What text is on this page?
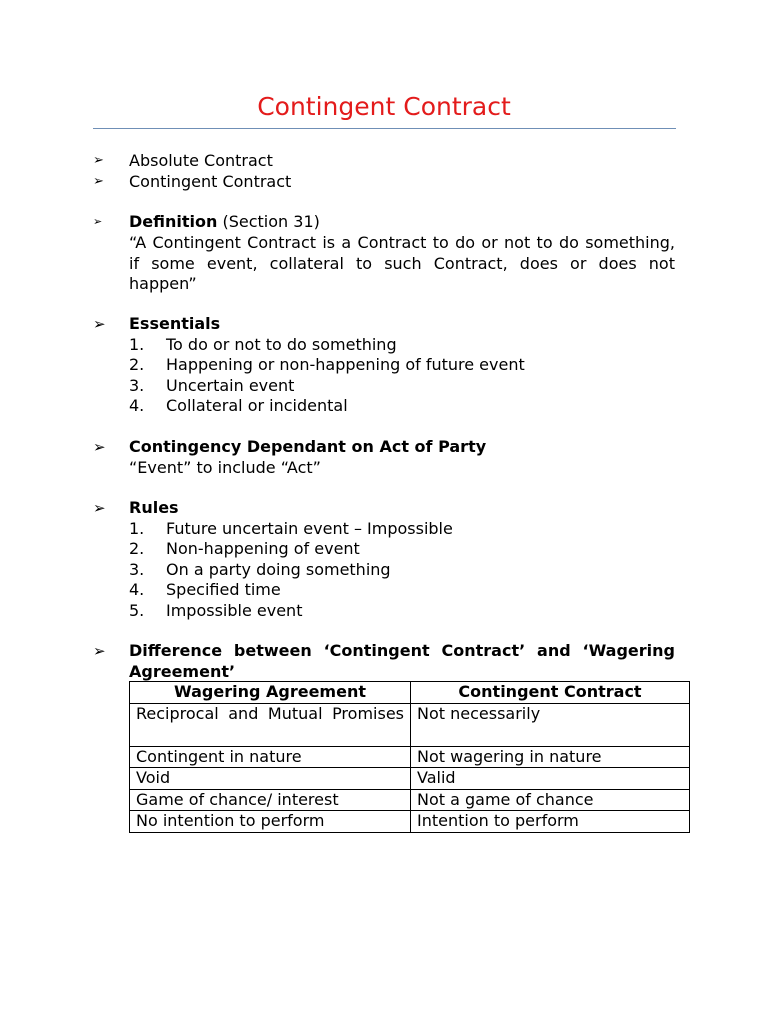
Contingent Contract
➢ Absolute Contract
➢ Contingent Contract
➢ Definition (Section 31)
“A Contingent Contract is a Contract to do or not to do something, if some event, collateral to such Contract, does or does not happen”
➢ Essentials
1. To do or not to do something
2. Happening or non-happening of future event
3. Uncertain event
4. Collateral or incidental
➢ Contingency Dependant on Act of Party
“Event” to include “Act”
➢ Rules
1. Future uncertain event – Impossible
2. Non-happening of event
3. On a party doing something
4. Specified time
5. Impossible event
➢ Difference between ‘Contingent Contract’ and ‘Wagering
Agreement’
Wagering Agreement	Contingent Contract
Reciprocal and Mutual Promises	Not necessarily
Contingent in nature	Not wagering in nature
Void	Valid
Game of chance/ interest	Not a game of chance
No intention to perform	Intention to perform
